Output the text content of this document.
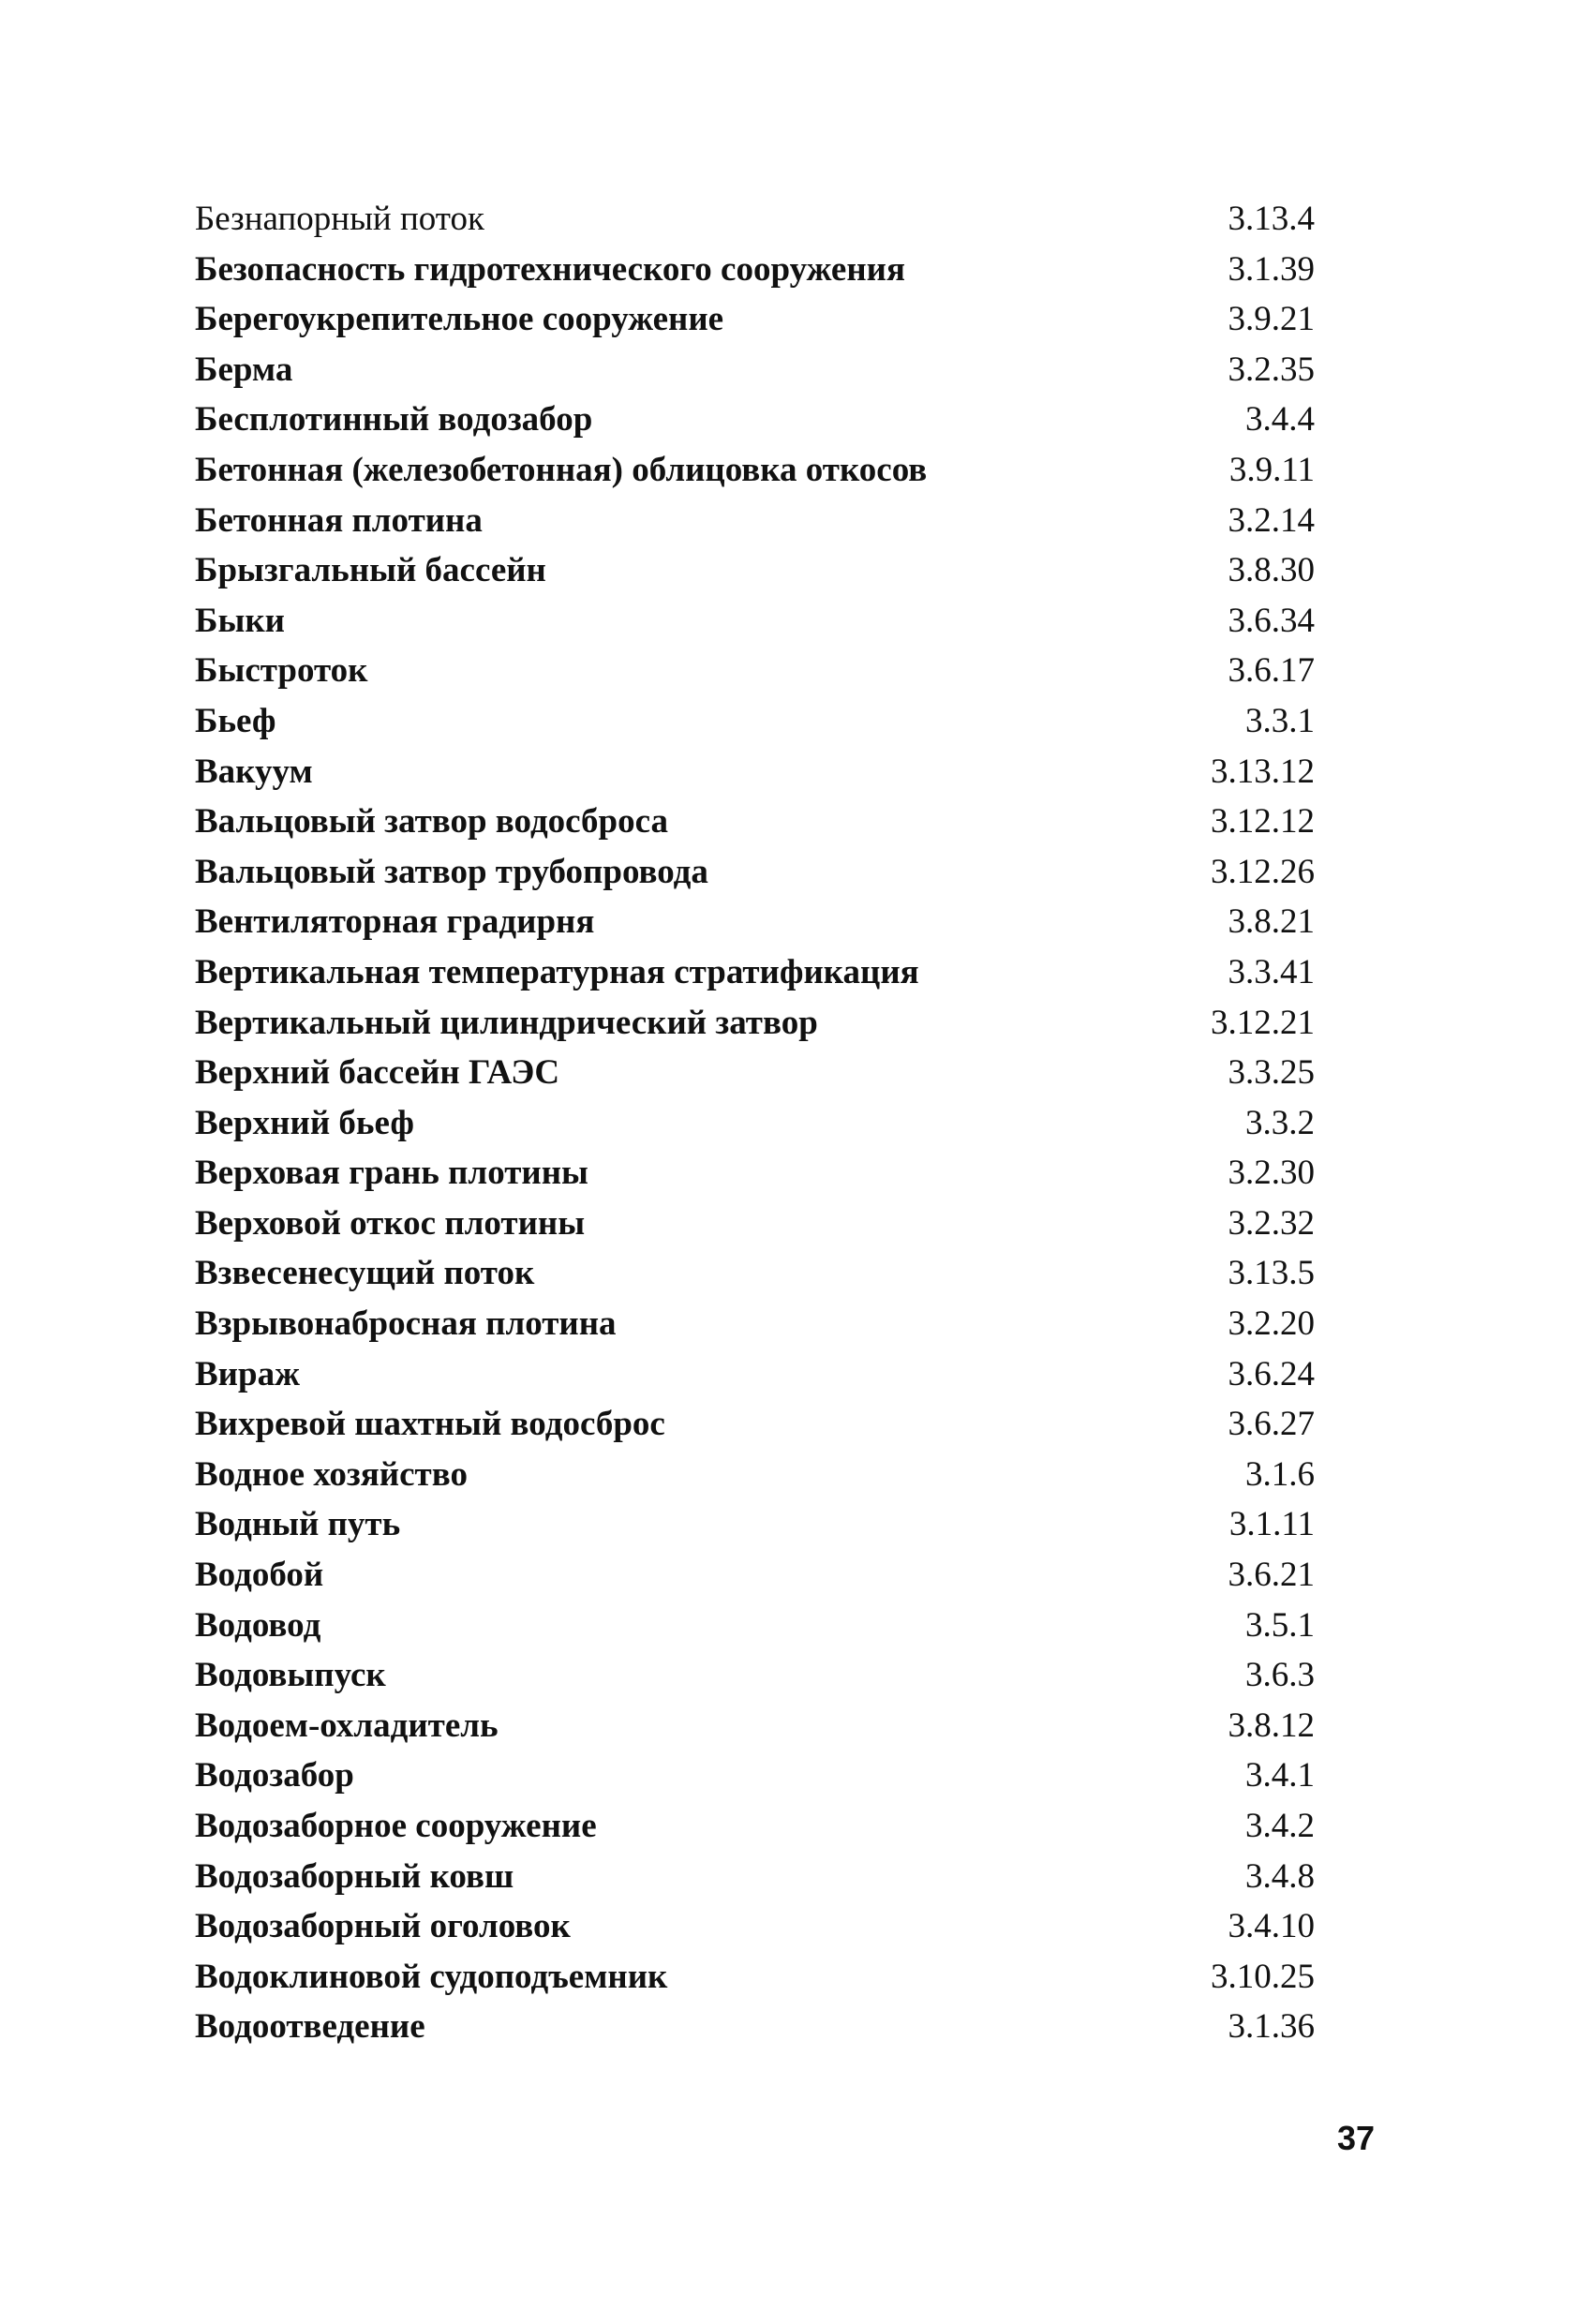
Безнапорный поток	3.13.4
Безопасность гидротехнического сооружения	3.1.39
Берегоукрепительное сооружение	3.9.21
Берма	3.2.35
Бесплотинный водозабор	3.4.4
Бетонная (железобетонная) облицовка откосов	3.9.11
Бетонная плотина	3.2.14
Брызгальный бассейн	3.8.30
Быки	3.6.34
Быстроток	3.6.17
Бьеф	3.3.1
Вакуум	3.13.12
Вальцовый затвор водосброса	3.12.12
Вальцовый затвор трубопровода	3.12.26
Вентиляторная градирня	3.8.21
Вертикальная температурная стратификация	3.3.41
Вертикальный цилиндрический затвор	3.12.21
Верхний бассейн ГАЭС	3.3.25
Верхний бьеф	3.3.2
Верховая грань плотины	3.2.30
Верховой откос плотины	3.2.32
Взвесенесущий поток	3.13.5
Взрывонабросная плотина	3.2.20
Вираж	3.6.24
Вихревой шахтный водосброс	3.6.27
Водное хозяйство	3.1.6
Водный путь	3.1.11
Водобой	3.6.21
Водовод	3.5.1
Водовыпуск	3.6.3
Водоем-охладитель	3.8.12
Водозабор	3.4.1
Водозаборное сооружение	3.4.2
Водозаборный ковш	3.4.8
Водозаборный оголовок	3.4.10
Водоклиновой судоподъемник	3.10.25
Водоотведение	3.1.36
37
